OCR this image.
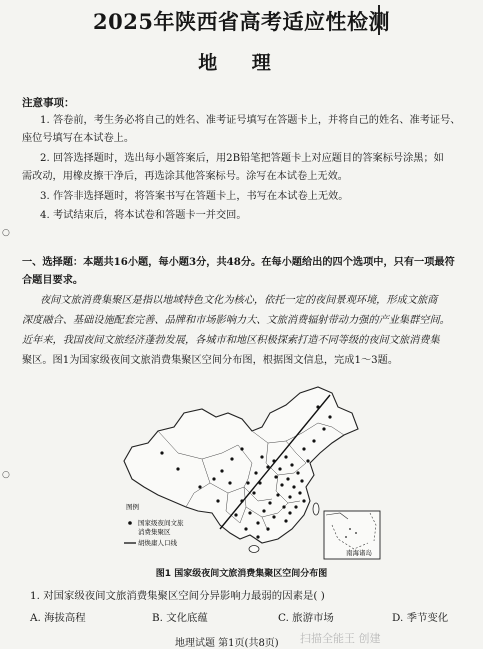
2025年陕西省高考适应性检测
地 理
注意事项：
1. 答卷前，考生务必将自己的姓名、准考证号填写在答题卡上，并将自己的姓名、准考证号、
座位号填写在本试卷上。
2. 回答选择题时，选出每小题答案后，用2B铅笔把答题卡上对应题目的答案标号涂黑；如
需改动，用橡皮擦干净后，再选涂其他答案标号。涂写在本试卷上无效。
3. 作答非选择题时，将答案书写在答题卡上，书写在本试卷上无效。
4. 考试结束后，将本试卷和答题卡一并交回。
一、选择题：本题共16小题，每小题3分，共48分。在每小题给出的四个选项中，只有一项最符
合题目要求。
夜间文旅消费集聚区是指以地域特色文化为核心，依托一定的夜间景观环境，形成文旅商
深度融合、基础设施配套完善、品牌和市场影响力大、文旅消费辐射带动力强的产业集群空间。
近年来，我国夜间文旅经济蓬勃发展，各城市和地区积极探索打造不同等级的夜间文旅消费集
聚区。图1为国家级夜间文旅消费集聚区空间分布图，根据图文信息，完成1～3题。
图例
国家级夜间文旅
消费集聚区
胡焕庸人口线
南海诸岛
图1 国家级夜间文旅消费集聚区空间分布图
1. 对国家级夜间文旅消费集聚区空间分异影响力最弱的因素是( )
A. 海拔高程	B. 文化底蕴	C. 旅游市场	D. 季节变化
地理试题 第1页(共8页) 扫描全能王 创建
○
○
